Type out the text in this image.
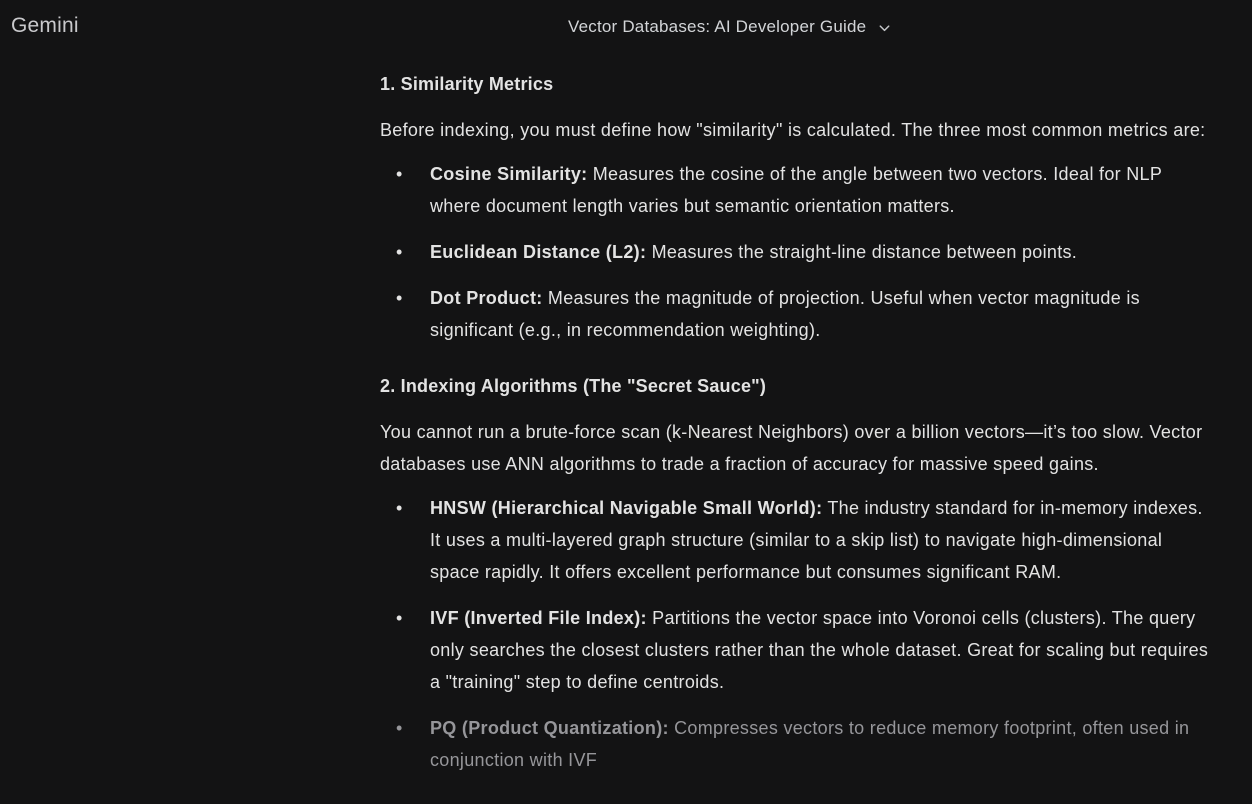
Gemini	Vector Databases: AI Developer Guide
1. Similarity Metrics

Before indexing, you must define how "similarity" is calculated. The three most common metrics are:

• Cosine Similarity: Measures the cosine of the angle between two vectors. Ideal for NLP where document length varies but semantic orientation matters.
• Euclidean Distance (L2): Measures the straight-line distance between points.
• Dot Product: Measures the magnitude of projection. Useful when vector magnitude is significant (e.g., in recommendation weighting).
2. Indexing Algorithms (The "Secret Sauce")

You cannot run a brute-force scan (k-Nearest Neighbors) over a billion vectors—it’s too slow. Vector databases use ANN algorithms to trade a fraction of accuracy for massive speed gains.

• HNSW (Hierarchical Navigable Small World): The industry standard for in-memory indexes. It uses a multi-layered graph structure (similar to a skip list) to navigate high-dimensional space rapidly. It offers excellent performance but consumes significant RAM.
• IVF (Inverted File Index): Partitions the vector space into Voronoi cells (clusters). The query only searches the closest clusters rather than the whole dataset. Great for scaling but requires a "training" step to define centroids.
• PQ (Product Quantization): Compresses vectors to reduce memory footprint, often used in conjunction with IVF
